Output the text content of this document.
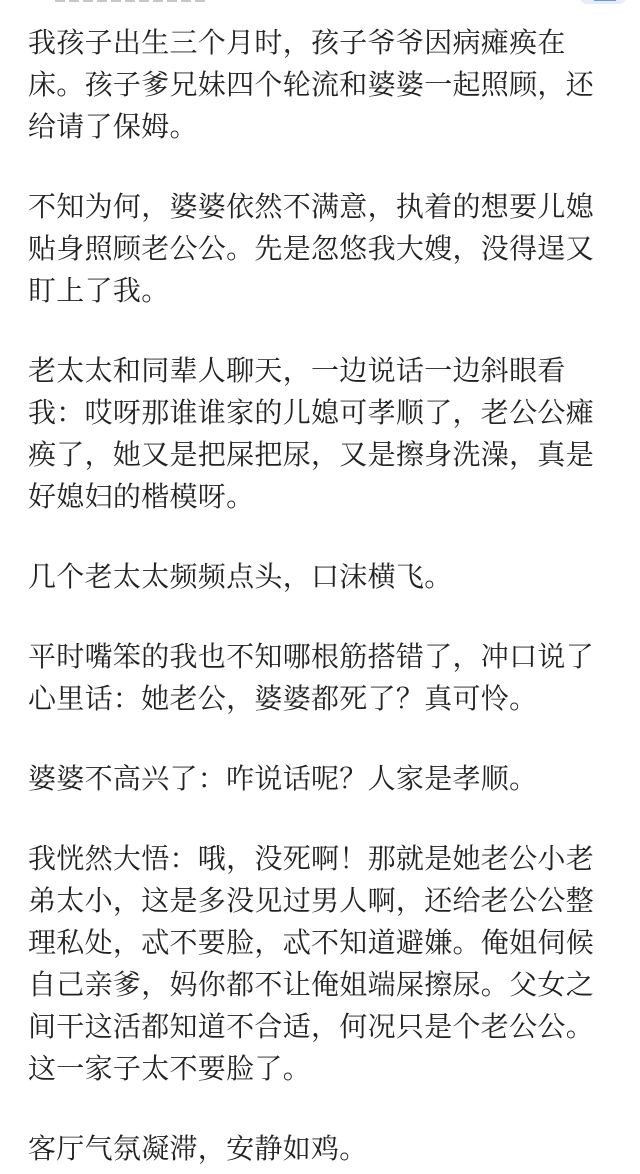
我孩子出生三个月时，孩子爷爷因病瘫痪在床。孩子爹兄妹四个轮流和婆婆一起照顾，还给请了保姆。

不知为何，婆婆依然不满意，执着的想要儿媳贴身照顾老公公。先是忽悠我大嫂，没得逞又盯上了我。

老太太和同辈人聊天，一边说话一边斜眼看我：哎呀那谁谁家的儿媳可孝顺了，老公公瘫痪了，她又是把屎把尿，又是擦身洗澡，真是好媳妇的楷模呀。

几个老太太频频点头，口沫横飞。

平时嘴笨的我也不知哪根筋搭错了，冲口说了心里话：她老公，婆婆都死了？真可怜。

婆婆不高兴了：咋说话呢？人家是孝顺。

我恍然大悟：哦，没死啊！那就是她老公小老弟太小，这是多没见过男人啊，还给老公公整理私处，忒不要脸，忒不知道避嫌。俺姐伺候自己亲爹，妈你都不让俺姐端屎擦尿。父女之间干这活都知道不合适，何况只是个老公公。这一家子太不要脸了。

客厅气氛凝滞，安静如鸡。
